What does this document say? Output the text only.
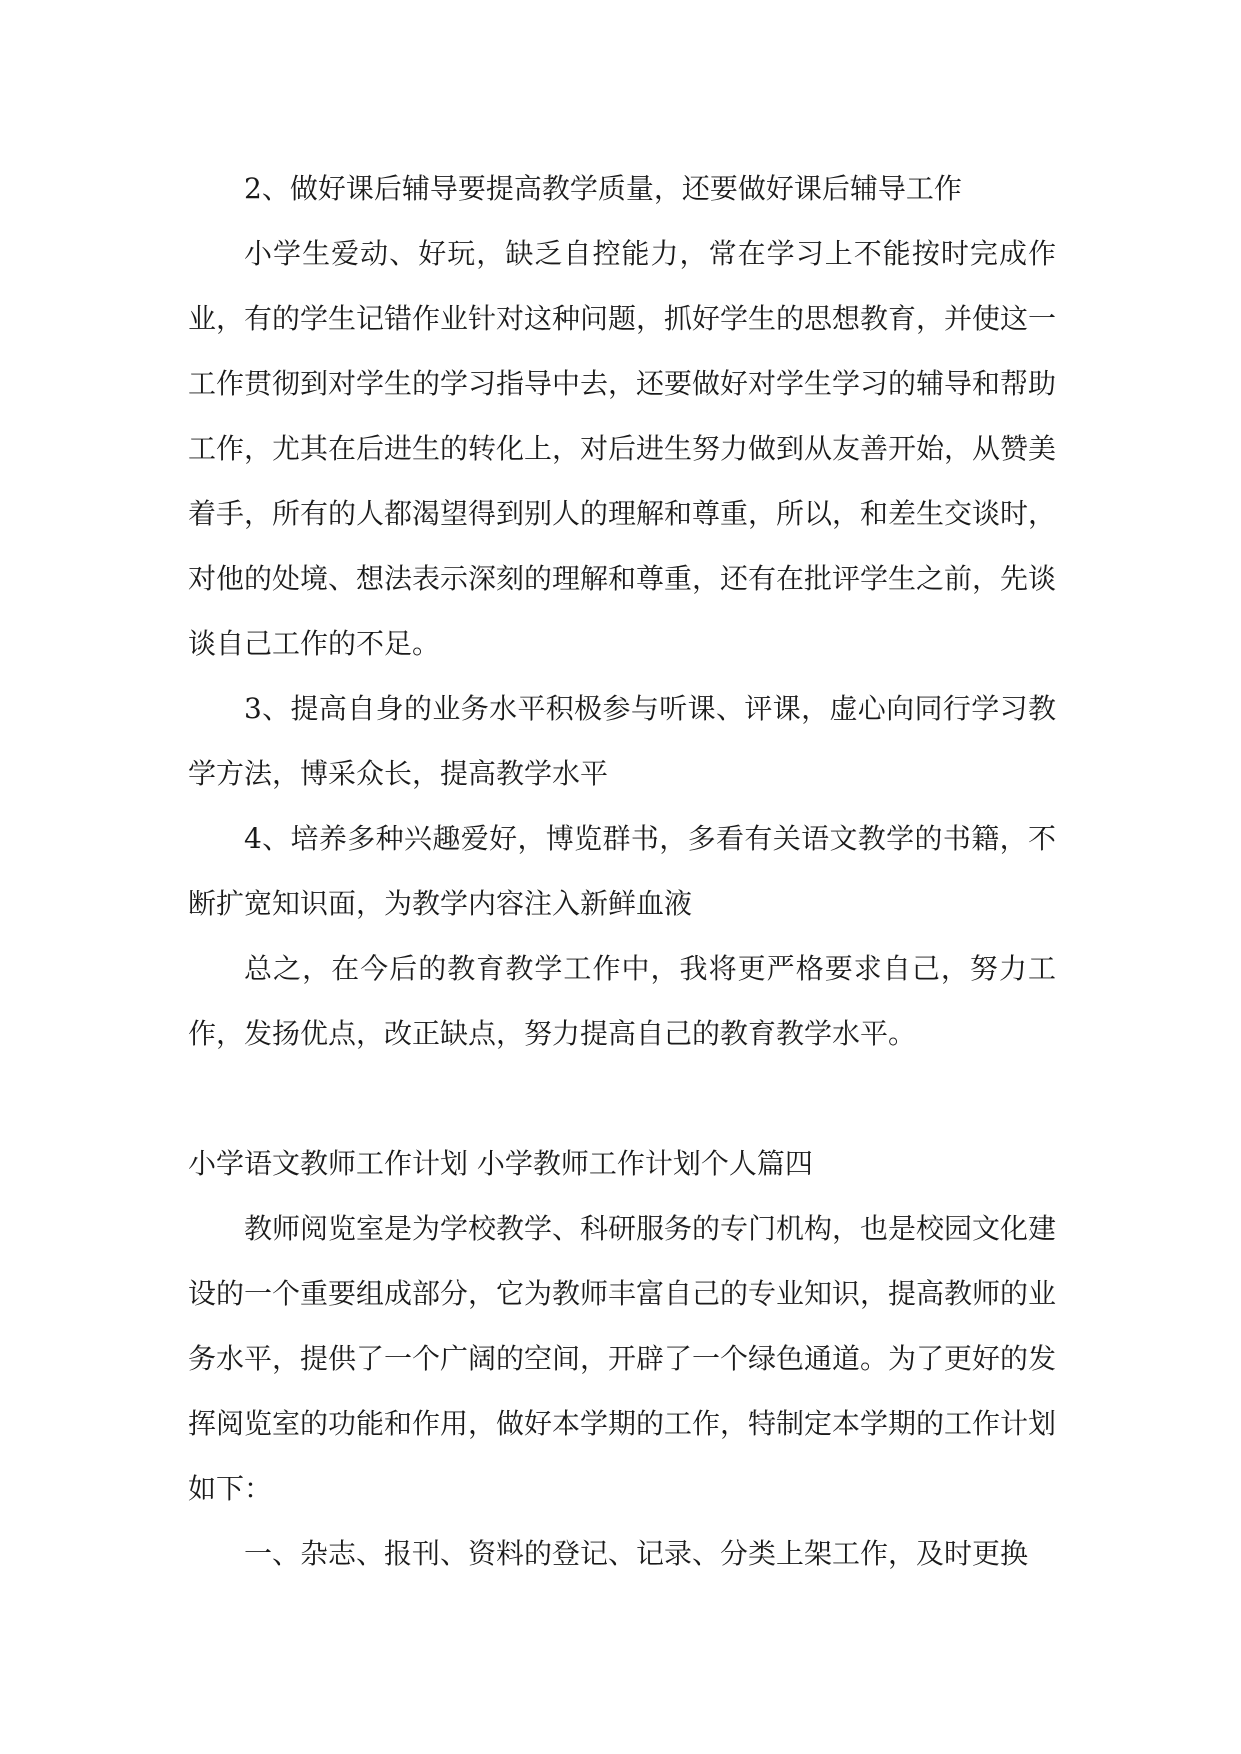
2、做好课后辅导要提高教学质量，还要做好课后辅导工作

小学生爱动、好玩，缺乏自控能力，常在学习上不能按时完成作业，有的学生记错作业针对这种问题，抓好学生的思想教育，并使这一工作贯彻到对学生的学习指导中去，还要做好对学生学习的辅导和帮助工作，尤其在后进生的转化上，对后进生努力做到从友善开始，从赞美着手，所有的人都渴望得到别人的理解和尊重，所以，和差生交谈时，对他的处境、想法表示深刻的理解和尊重，还有在批评学生之前，先谈谈自己工作的不足。

3、提高自身的业务水平积极参与听课、评课，虚心向同行学习教学方法，博采众长，提高教学水平

4、培养多种兴趣爱好，博览群书，多看有关语文教学的书籍，不断扩宽知识面，为教学内容注入新鲜血液

总之，在今后的教育教学工作中，我将更严格要求自己，努力工作，发扬优点，改正缺点，努力提高自己的教育教学水平。

小学语文教师工作计划 小学教师工作计划个人篇四

教师阅览室是为学校教学、科研服务的专门机构，也是校园文化建设的一个重要组成部分，它为教师丰富自己的专业知识，提高教师的业务水平，提供了一个广阔的空间，开辟了一个绿色通道。为了更好的发挥阅览室的功能和作用，做好本学期的工作，特制定本学期的工作计划如下：

一、杂志、报刊、资料的登记、记录、分类上架工作，及时更换
